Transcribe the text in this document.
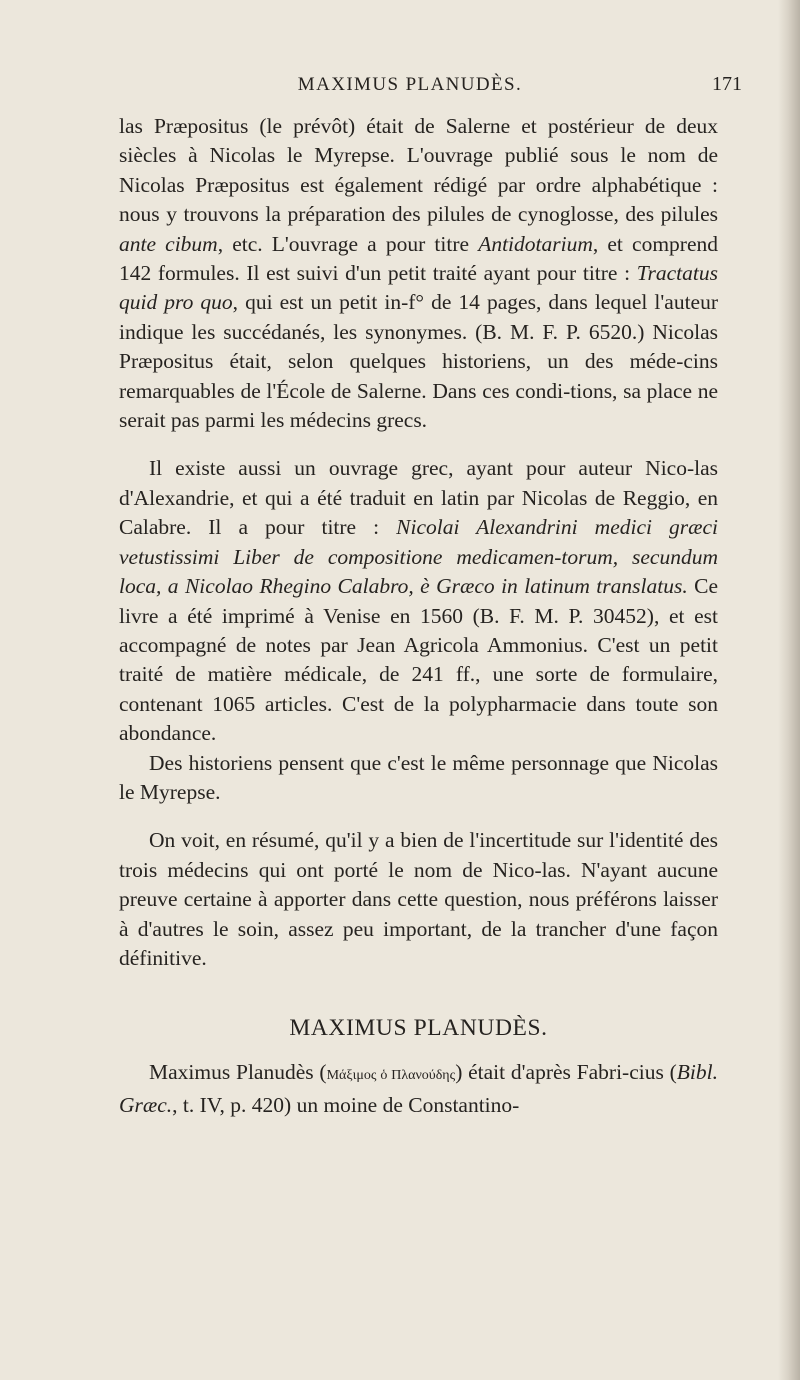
MAXIMUS PLANUDÈS.	171

las Præpositus (le prévôt) était de Salerne et postérieur de deux siècles à Nicolas le Myrepse. L'ouvrage publié sous le nom de Nicolas Præpositus est également rédigé par ordre alphabétique : nous y trouvons la préparation des pilules de cynoglosse, des pilules ante cibum, etc. L'ouvrage a pour titre Antidotarium, et comprend 142 formules. Il est suivi d'un petit traité ayant pour titre : Tractatus quid pro quo, qui est un petit in-f° de 14 pages, dans lequel l'auteur indique les succédanés, les synonymes. (B. M. F. P. 6520.) Nicolas Præpositus était, selon quelques historiens, un des méde-cins remarquables de l'École de Salerne. Dans ces condi-tions, sa place ne serait pas parmi les médecins grecs.

Il existe aussi un ouvrage grec, ayant pour auteur Nico-las d'Alexandrie, et qui a été traduit en latin par Nicolas de Reggio, en Calabre. Il a pour titre : Nicolai Alexandrini medici græci vetustissimi Liber de compositione medicamen-torum, secundum loca, a Nicolao Rhegino Calabro, è Græco in latinum translatus. Ce livre a été imprimé à Venise en 1560 (B. F. M. P. 30452), et est accompagné de notes par Jean Agricola Ammonius. C'est un petit traité de matière médicale, de 241 ff., une sorte de formulaire, contenant 1065 articles. C'est de la polypharmacie dans toute son abondance.

Des historiens pensent que c'est le même personnage que Nicolas le Myrepse.

On voit, en résumé, qu'il y a bien de l'incertitude sur l'identité des trois médecins qui ont porté le nom de Nico-las. N'ayant aucune preuve certaine à apporter dans cette question, nous préférons laisser à d'autres le soin, assez peu important, de la trancher d'une façon définitive.

MAXIMUS PLANUDÈS.

Maximus Planudès (Μάξιμος ὁ Πλανούδης) était d'après Fabri-cius (Bibl. Græc., t. IV, p. 420) un moine de Constantino-
